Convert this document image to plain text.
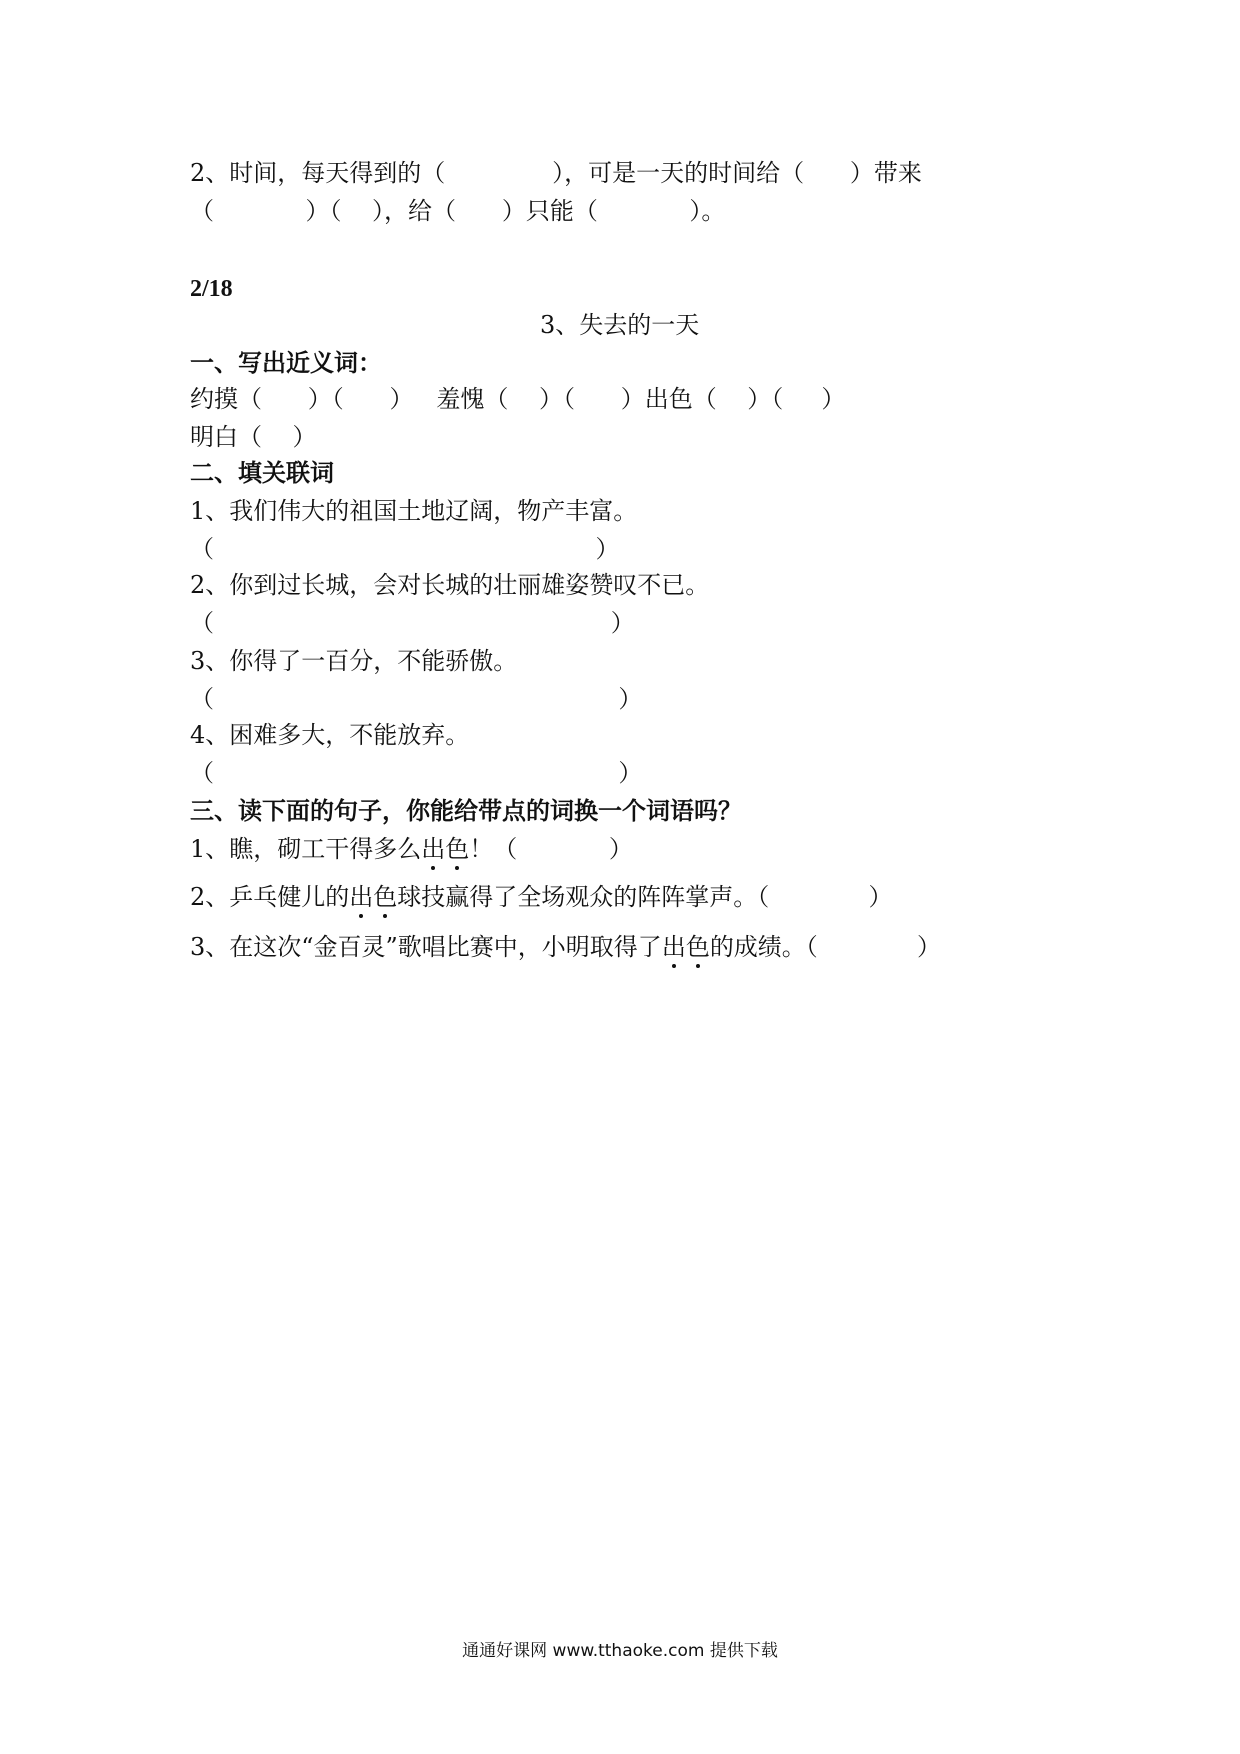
2、时间，每天得到的（              ），可是一天的时间给（      ）带来
（            ）（    ），给（      ）只能（            ）。
2/18
3、失去的一天
一、写出近义词：
约摸（      ）（      ）   羞愧（    ）（      ）出色（    ）（     ）
明白（    ）
二、填关联词
1、我们伟大的祖国土地辽阔，物产丰富。
（                                                  ）
2、你到过长城，会对长城的壮丽雄姿赞叹不已。
（                                                    ）
3、你得了一百分，不能骄傲。
（                                                     ）
4、困难多大，不能放弃。
（                                                     ）
三、读下面的句子，你能给带点的词换一个词语吗？
1、瞧，砌工干得多么出色！（            ）
2、乒乓健儿的出色球技赢得了全场观众的阵阵掌声。（             ）
3、在这次“金百灵”歌唱比赛中，小明取得了出色的成绩。（             ）
通通好课网 www.tthaoke.com 提供下载
